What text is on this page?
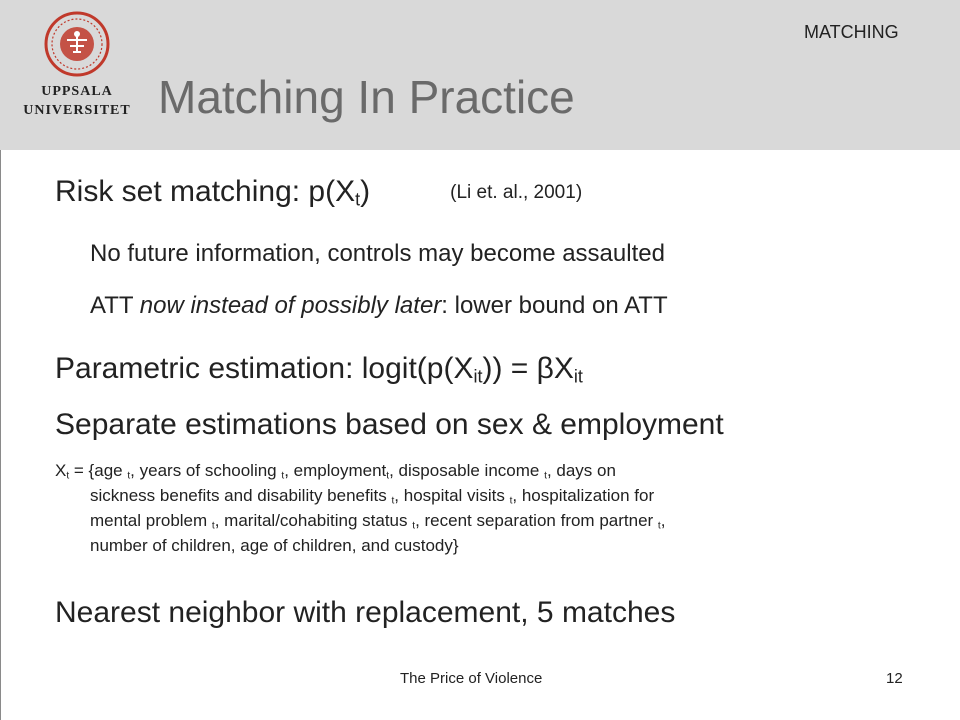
UPPSALA
UNIVERSITET
MATCHING
Matching In Practice
Risk set matching: $p(X_t)$	(Li et. al., 2001)
No future information, controls may become assaulted
ATT now instead of possibly later: lower bound on ATT
Parametric estimation: $logit(p(X_{it})) = \beta X_{it}$
Separate estimations based on sex & employment
$X_t = \{age$ $_t$, years of schooling $_t$, employment$_t$, disposable income $_t$, days on
sickness benefits and disability benefits $_t$, hospital visits $_t$, hospitalization for
mental problem $_t$, marital/cohabiting status $_t$, recent separation from partner $_t$,
number of children, age of children, and custody}
Nearest neighbor with replacement, 5 matches
The Price of Violence	12
